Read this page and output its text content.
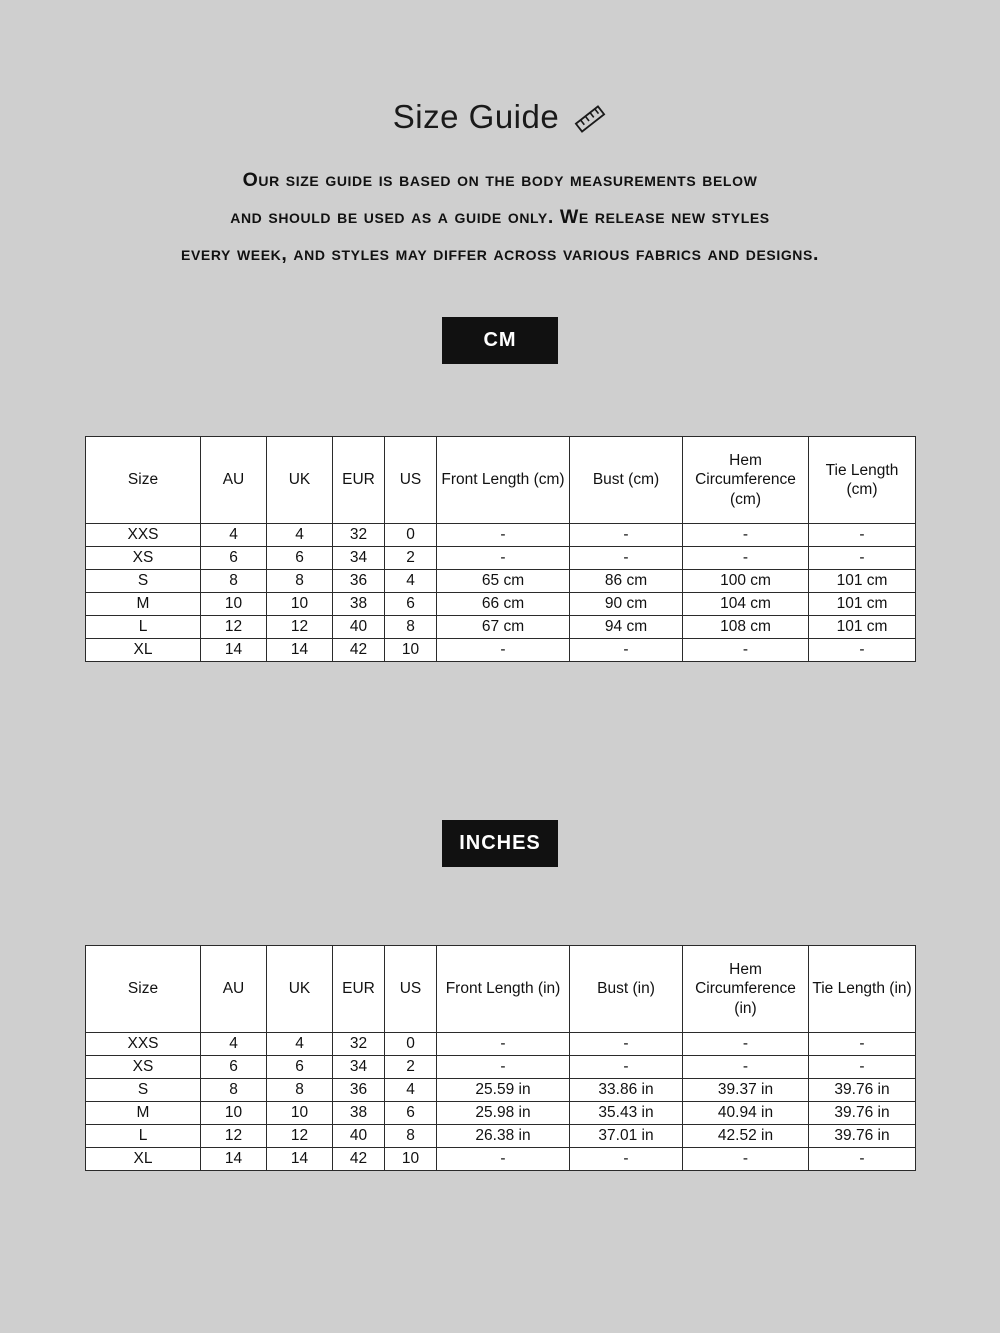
Size Guide
Our size guide is based on the body measurements below
and should be used as a guide only. We release new styles
every week, and styles may differ across various fabrics and designs.
CM
Size	AU	UK	EUR	US	Front Length (cm)	Bust (cm)	Hem Circumference (cm)	Tie Length (cm)
XXS	4	4	32	0	-	-	-	-
XS	6	6	34	2	-	-	-	-
S	8	8	36	4	65 cm	86 cm	100 cm	101 cm
M	10	10	38	6	66 cm	90 cm	104 cm	101 cm
L	12	12	40	8	67 cm	94 cm	108 cm	101 cm
XL	14	14	42	10	-	-	-	-
INCHES
Size	AU	UK	EUR	US	Front Length (in)	Bust (in)	Hem Circumference (in)	Tie Length (in)
XXS	4	4	32	0	-	-	-	-
XS	6	6	34	2	-	-	-	-
S	8	8	36	4	25.59 in	33.86 in	39.37 in	39.76 in
M	10	10	38	6	25.98 in	35.43 in	40.94 in	39.76 in
L	12	12	40	8	26.38 in	37.01 in	42.52 in	39.76 in
XL	14	14	42	10	-	-	-	-
